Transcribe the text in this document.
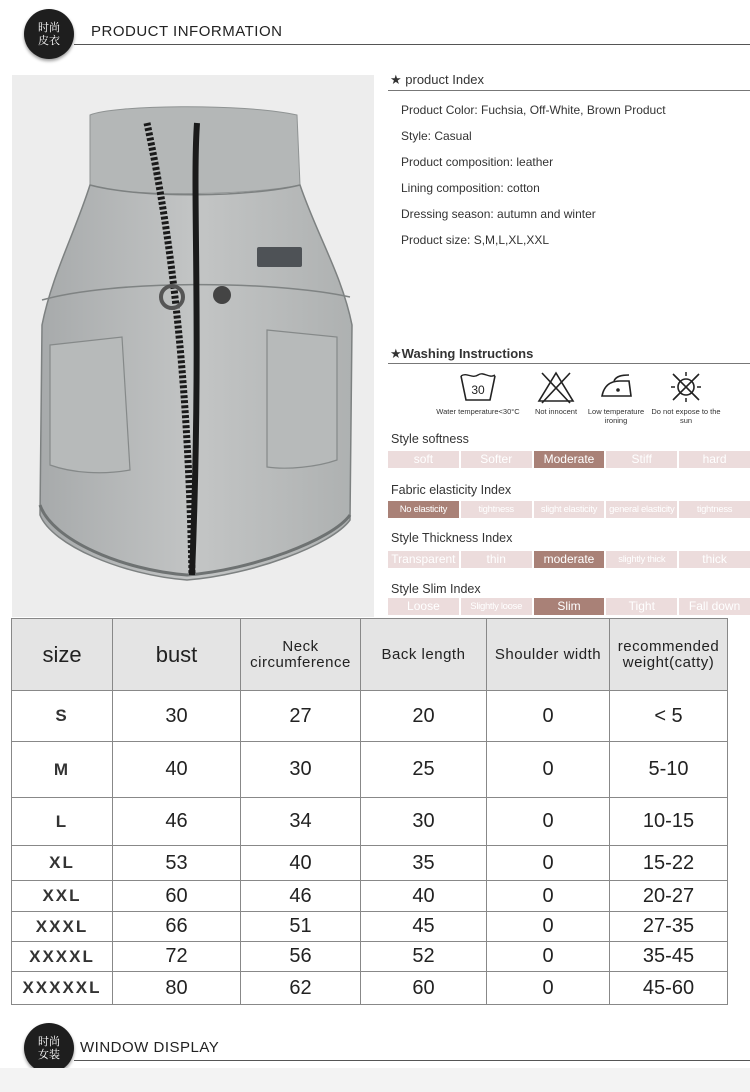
时尚皮衣
PRODUCT INFORMATION
★ product Index
Product Color: Fuchsia, Off-White, Brown Product
Style: Casual
Product composition: leather
Lining composition: cotton
Dressing season: autumn and winter
Product size: S,M,L,XL,XXL
★Washing Instructions
30
Water temperature<30°C	Not innocent	Low temperature ironing
Do not expose to the sun
Style softness
soft	Softer	Moderate	Stiff	hard
Fabric elasticity Index
No elasticity	tightness	slight elasticity	general elasticity	tightness
Style Thickness Index
Transparent	thin	moderate	slightly thick	thick
Style Slim Index
Loose	Slightly loose	Slim	Tight	Fall down
size	bust	Neck circumference	Back length	Shoulder width	recommended weight(catty)
S	30	27	20	0	< 5
M	40	30	25	0	5-10
L	46	34	30	0	10-15
XL	53	40	35	0	15-22
XXL	60	46	40	0	20-27
XXXL	66	51	45	0	27-35
XXXXL	72	56	52	0	35-45
XXXXXL	80	62	60	0	45-60
时尚女装 WINDOW DISPLAY
